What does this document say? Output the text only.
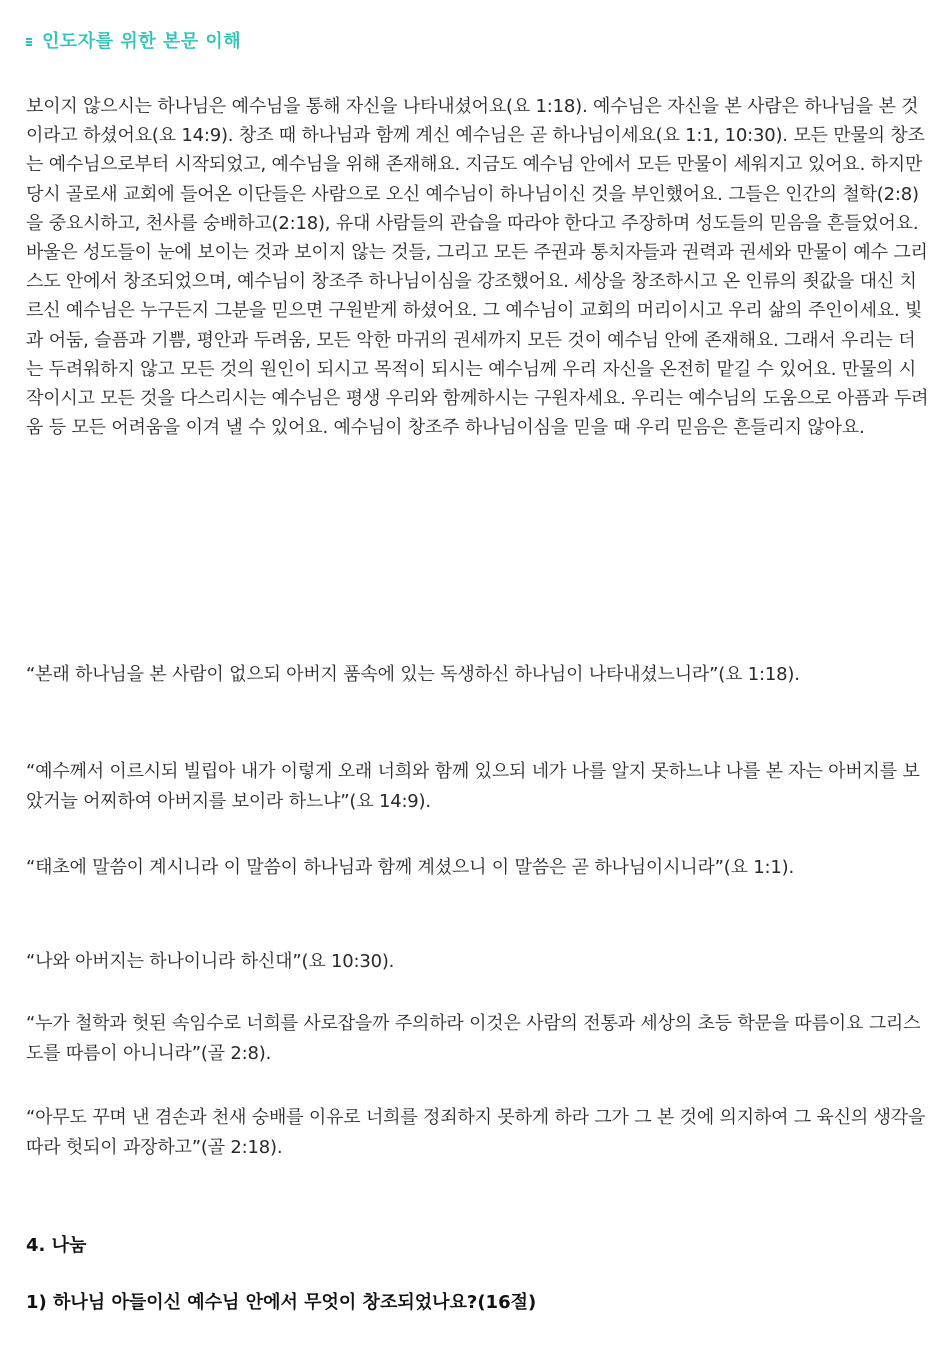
인도자를 위한 본문 이해

보이지 않으시는 하나님은 예수님을 통해 자신을 나타내셨어요(요 1:18). 예수님은 자신을 본 사람은 하나님을 본 것이라고 하셨어요(요 14:9). 창조 때 하나님과 함께 계신 예수님은 곧 하나님이세요(요 1:1, 10:30). 모든 만물의 창조는 예수님으로부터 시작되었고, 예수님을 위해 존재해요. 지금도 예수님 안에서 모든 만물이 세워지고 있어요. 하지만 당시 골로새 교회에 들어온 이단들은 사람으로 오신 예수님이 하나님이신 것을 부인했어요. 그들은 인간의 철학(2:8)을 중요시하고, 천사를 숭배하고(2:18), 유대 사람들의 관습을 따라야 한다고 주장하며 성도들의 믿음을 흔들었어요. 바울은 성도들이 눈에 보이는 것과 보이지 않는 것들, 그리고 모든 주권과 통치자들과 권력과 권세와 만물이 예수 그리스도 안에서 창조되었으며, 예수님이 창조주 하나님이심을 강조했어요. 세상을 창조하시고 온 인류의 죗값을 대신 치르신 예수님은 누구든지 그분을 믿으면 구원받게 하셨어요. 그 예수님이 교회의 머리이시고 우리 삶의 주인이세요. 빛과 어둠, 슬픔과 기쁨, 평안과 두려움, 모든 악한 마귀의 권세까지 모든 것이 예수님 안에 존재해요. 그래서 우리는 더는 두려워하지 않고 모든 것의 원인이 되시고 목적이 되시는 예수님께 우리 자신을 온전히 맡길 수 있어요. 만물의 시작이시고 모든 것을 다스리시는 예수님은 평생 우리와 함께하시는 구원자세요. 우리는 예수님의 도움으로 아픔과 두려움 등 모든 어려움을 이겨 낼 수 있어요. 예수님이 창조주 하나님이심을 믿을 때 우리 믿음은 흔들리지 않아요.

“본래 하나님을 본 사람이 없으되 아버지 품속에 있는 독생하신 하나님이 나타내셨느니라”(요 1:18).

“예수께서 이르시되 빌립아 내가 이렇게 오래 너희와 함께 있으되 네가 나를 알지 못하느냐 나를 본 자는 아버지를 보았거늘 어찌하여 아버지를 보이라 하느냐”(요 14:9).

“태초에 말씀이 계시니라 이 말씀이 하나님과 함께 계셨으니 이 말씀은 곧 하나님이시니라”(요 1:1).

“나와 아버지는 하나이니라 하신대”(요 10:30).

“누가 철학과 헛된 속임수로 너희를 사로잡을까 주의하라 이것은 사람의 전통과 세상의 초등 학문을 따름이요 그리스도를 따름이 아니니라”(골 2:8).

“아무도 꾸며 낸 겸손과 천새 숭배를 이유로 너희를 정죄하지 못하게 하라 그가 그 본 것에 의지하여 그 육신의 생각을 따라 헛되이 과장하고”(골 2:18).

4. 나눔
1) 하나님 아들이신 예수님 안에서 무엇이 창조되었나요?(16절)
